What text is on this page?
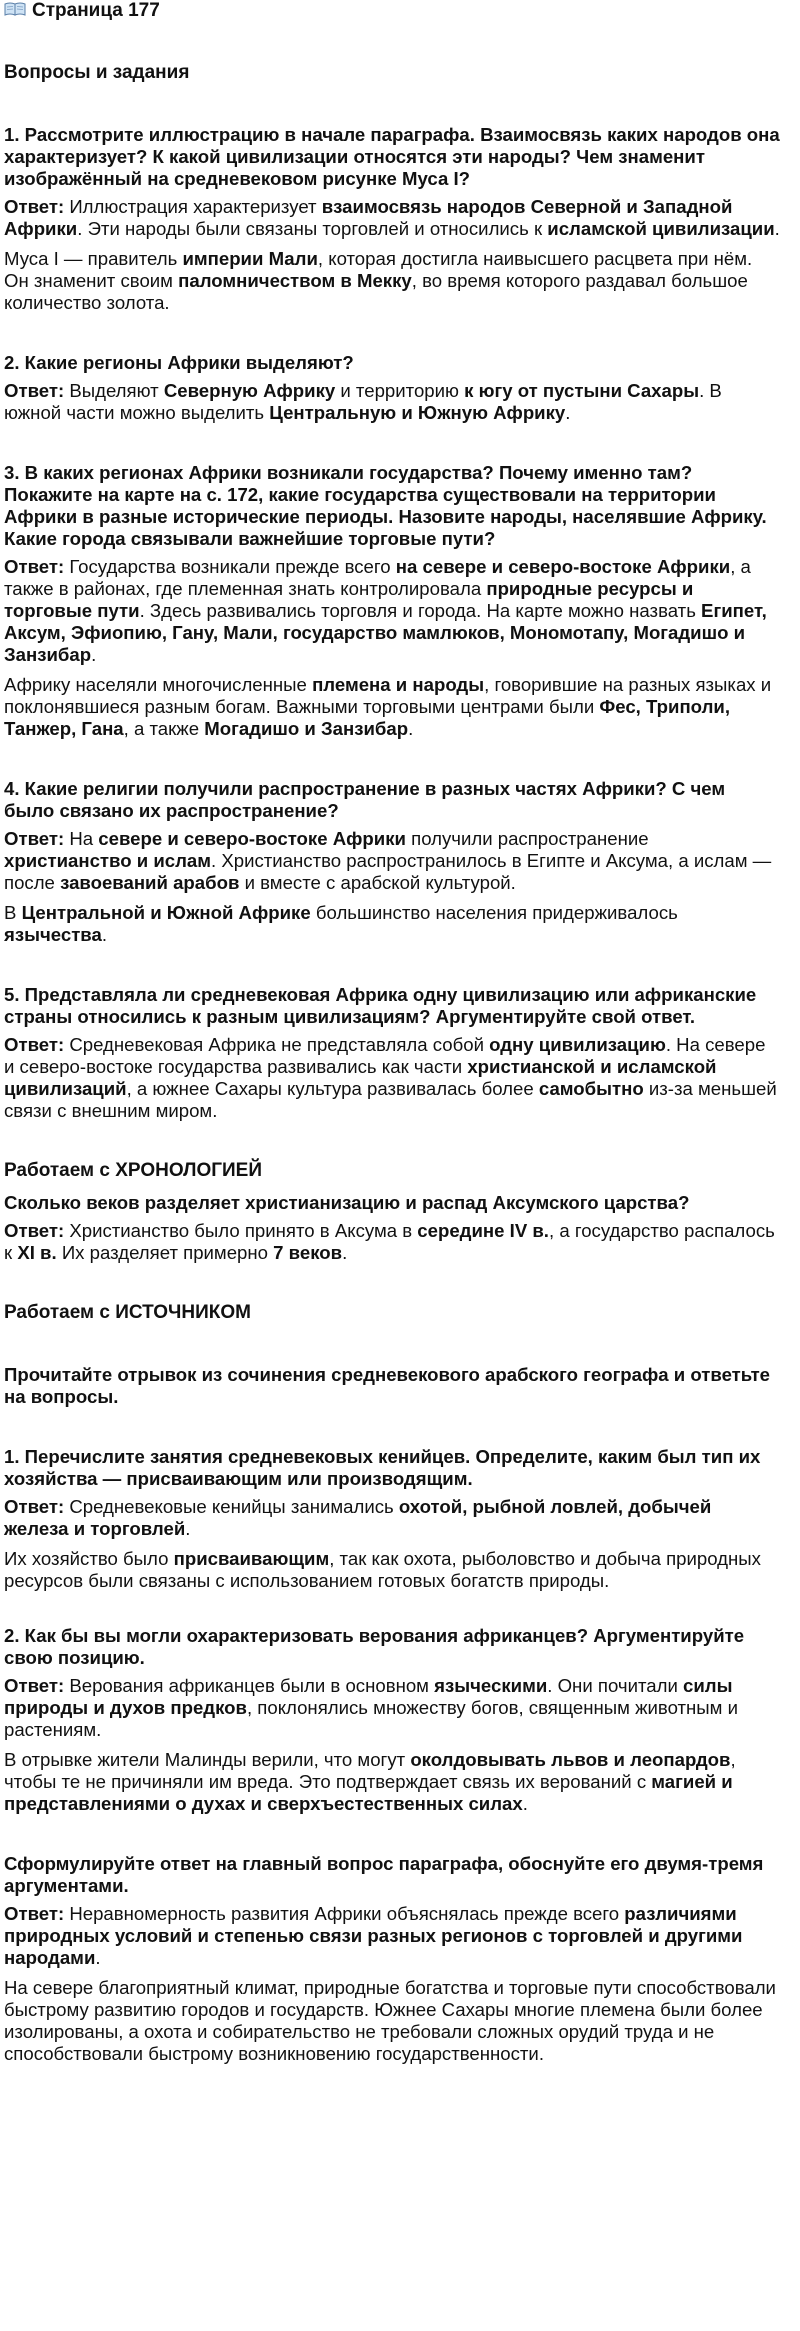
Страница 177
Вопросы и задания

1. Рассмотрите иллюстрацию в начале параграфа. Взаимосвязь каких народов она характеризует? К какой цивилизации относятся эти народы? Чем знаменит изображённый на средневековом рисунке Муса I?

Ответ: Иллюстрация характеризует взаимосвязь народов Северной и Западной Африки. Эти народы были связаны торговлей и относились к исламской цивилизации.

Муса I — правитель империи Мали, которая достигла наивысшего расцвета при нём. Он знаменит своим паломничеством в Мекку, во время которого раздавал большое количество золота.

2. Какие регионы Африки выделяют?

Ответ: Выделяют Северную Африку и территорию к югу от пустыни Сахары. В южной части можно выделить Центральную и Южную Африку.

3. В каких регионах Африки возникали государства? Почему именно там? Покажите на карте на с. 172, какие государства существовали на территории Африки в разные исторические периоды. Назовите народы, населявшие Африку. Какие города связывали важнейшие торговые пути?

Ответ: Государства возникали прежде всего на севере и северо-востоке Африки, а также в районах, где племенная знать контролировала природные ресурсы и торговые пути. Здесь развивались торговля и города. На карте можно назвать Египет, Аксум, Эфиопию, Гану, Мали, государство мамлюков, Мономотапу, Могадишо и Занзибар.

Африку населяли многочисленные племена и народы, говорившие на разных языках и поклонявшиеся разным богам. Важными торговыми центрами были Фес, Триполи, Танжер, Гана, а также Могадишо и Занзибар.

4. Какие религии получили распространение в разных частях Африки? С чем было связано их распространение?

Ответ: На севере и северо-востоке Африки получили распространение христианство и ислам. Христианство распространилось в Египте и Аксума, а ислам — после завоеваний арабов и вместе с арабской культурой.

В Центральной и Южной Африке большинство населения придерживалось язычества.

5. Представляла ли средневековая Африка одну цивилизацию или африканские страны относились к разным цивилизациям? Аргументируйте свой ответ.

Ответ: Средневековая Африка не представляла собой одну цивилизацию. На севере и северо-востоке государства развивались как части христианской и исламской цивилизаций, а южнее Сахары культура развивалась более самобытно из-за меньшей связи с внешним миром.

Работаем с ХРОНОЛОГИЕЙ

Сколько веков разделяет христианизацию и распад Аксумского царства?

Ответ: Христианство было принято в Аксума в середине IV в., а государство распалось к XI в. Их разделяет примерно 7 веков.

Работаем с ИСТОЧНИКОМ

Прочитайте отрывок из сочинения средневекового арабского географа и ответьте на вопросы.

1. Перечислите занятия средневековых кенийцев. Определите, каким был тип их хозяйства — присваивающим или производящим.

Ответ: Средневековые кенийцы занимались охотой, рыбной ловлей, добычей железа и торговлей.

Их хозяйство было присваивающим, так как охота, рыболовство и добыча природных ресурсов были связаны с использованием готовых богатств природы.

2. Как бы вы могли охарактеризовать верования африканцев? Аргументируйте свою позицию.

Ответ: Верования африканцев были в основном языческими. Они почитали силы природы и духов предков, поклонялись множеству богов, священным животным и растениям.

В отрывке жители Малинды верили, что могут околдовывать львов и леопардов, чтобы те не причиняли им вреда. Это подтверждает связь их верований с магией и представлениями о духах и сверхъестественных силах.

Сформулируйте ответ на главный вопрос параграфа, обоснуйте его двумя-тремя аргументами.

Ответ: Неравномерность развития Африки объяснялась прежде всего различиями природных условий и степенью связи разных регионов с торговлей и другими народами.

На севере благоприятный климат, природные богатства и торговые пути способствовали быстрому развитию городов и государств. Южнее Сахары многие племена были более изолированы, а охота и собирательство не требовали сложных орудий труда и не способствовали быстрому возникновению государственности.
